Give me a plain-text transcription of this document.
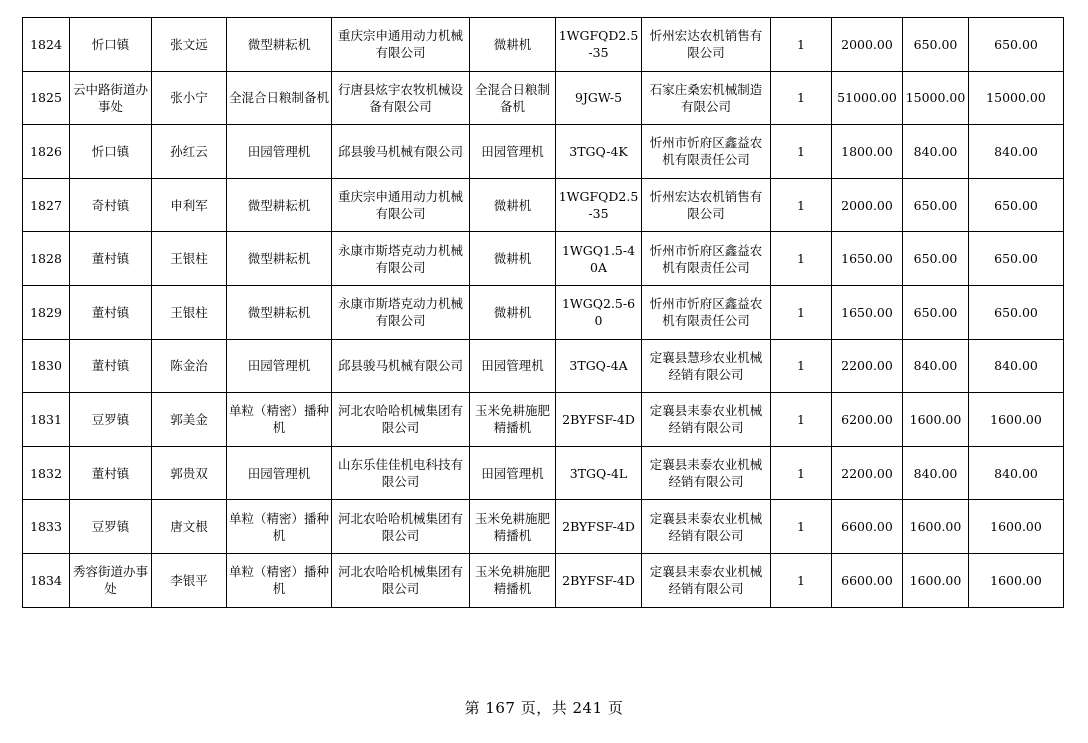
1824	忻口镇	张文远	微型耕耘机	重庆宗申通用动力机械有限公司	微耕机	1WGFQD2.5-35	忻州宏达农机销售有限公司	1	2000.00	650.00	650.00
1825	云中路街道办事处	张小宁	全混合日粮制备机	行唐县炫宇农牧机械设备有限公司	全混合日粮制备机	9JGW-5	石家庄桑宏机械制造有限公司	1	51000.00	15000.00	15000.00
1826	忻口镇	孙红云	田园管理机	邱县骏马机械有限公司	田园管理机	3TGQ-4K	忻州市忻府区鑫益农机有限责任公司	1	1800.00	840.00	840.00
1827	奇村镇	申利军	微型耕耘机	重庆宗申通用动力机械有限公司	微耕机	1WGFQD2.5-35	忻州宏达农机销售有限公司	1	2000.00	650.00	650.00
1828	董村镇	王银柱	微型耕耘机	永康市斯塔克动力机械有限公司	微耕机	1WGQ1.5-40A	忻州市忻府区鑫益农机有限责任公司	1	1650.00	650.00	650.00
1829	董村镇	王银柱	微型耕耘机	永康市斯塔克动力机械有限公司	微耕机	1WGQ2.5-60	忻州市忻府区鑫益农机有限责任公司	1	1650.00	650.00	650.00
1830	董村镇	陈金治	田园管理机	邱县骏马机械有限公司	田园管理机	3TGQ-4A	定襄县慧珍农业机械经销有限公司	1	2200.00	840.00	840.00
1831	豆罗镇	郭美金	单粒（精密）播种机	河北农哈哈机械集团有限公司	玉米免耕施肥精播机	2BYFSF-4D	定襄县耒泰农业机械经销有限公司	1	6200.00	1600.00	1600.00
1832	董村镇	郭贵双	田园管理机	山东乐佳佳机电科技有限公司	田园管理机	3TGQ-4L	定襄县耒泰农业机械经销有限公司	1	2200.00	840.00	840.00
1833	豆罗镇	唐文根	单粒（精密）播种机	河北农哈哈机械集团有限公司	玉米免耕施肥精播机	2BYFSF-4D	定襄县耒泰农业机械经销有限公司	1	6600.00	1600.00	1600.00
1834	秀容街道办事处	李银平	单粒（精密）播种机	河北农哈哈机械集团有限公司	玉米免耕施肥精播机	2BYFSF-4D	定襄县耒泰农业机械经销有限公司	1	6600.00	1600.00	1600.00
第 167 页，共 241 页
